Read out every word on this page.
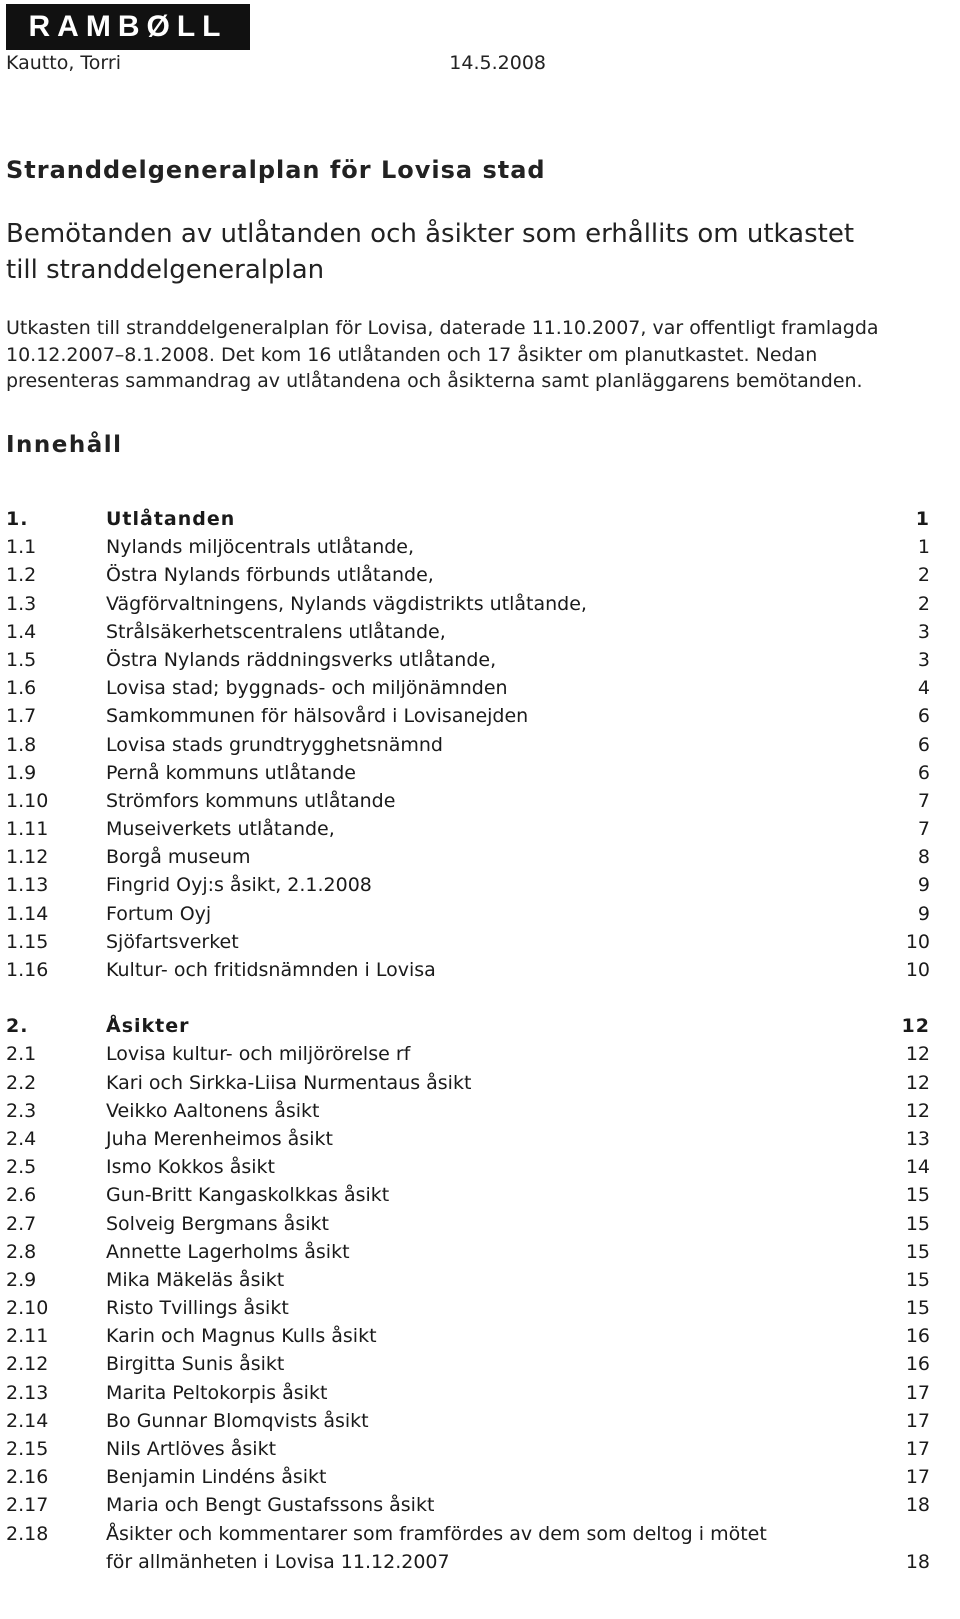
RAMBØLL
Kautto, Torri	14.5.2008
Stranddelgeneralplan för Lovisa stad
Bemötanden av utlåtanden och åsikter som erhållits om utkastet till stranddelgeneralplan

Utkasten till stranddelgeneralplan för Lovisa, daterade 11.10.2007, var offentligt framlagda 10.12.2007–8.1.2008. Det kom 16 utlåtanden och 17 åsikter om planutkastet. Nedan presenteras sammandrag av utlåtandena och åsikterna samt planläggarens bemötanden.

Innehåll
1.	Utlåtanden	1
1.1	Nylands miljöcentrals utlåtande,	1
1.2	Östra Nylands förbunds utlåtande,	2
1.3	Vägförvaltningens, Nylands vägdistrikts utlåtande,	2
1.4	Strålsäkerhetscentralens utlåtande,	3
1.5	Östra Nylands räddningsverks utlåtande,	3
1.6	Lovisa stad; byggnads- och miljönämnden	4
1.7	Samkommunen för hälsovård i Lovisanejden	6
1.8	Lovisa stads grundtrygghetsnämnd	6
1.9	Pernå kommuns utlåtande	6
1.10	Strömfors kommuns utlåtande	7
1.11	Museiverkets utlåtande,	7
1.12	Borgå museum	8
1.13	Fingrid Oyj:s åsikt, 2.1.2008	9
1.14	Fortum Oyj	9
1.15	Sjöfartsverket	10
1.16	Kultur- och fritidsnämnden i Lovisa	10
2.	Åsikter	12
2.1	Lovisa kultur- och miljörörelse rf	12
2.2	Kari och Sirkka-Liisa Nurmentaus åsikt	12
2.3	Veikko Aaltonens åsikt	12
2.4	Juha Merenheimos åsikt	13
2.5	Ismo Kokkos åsikt	14
2.6	Gun-Britt Kangaskolkkas åsikt	15
2.7	Solveig Bergmans åsikt	15
2.8	Annette Lagerholms åsikt	15
2.9	Mika Mäkeläs åsikt	15
2.10	Risto Tvillings åsikt	15
2.11	Karin och Magnus Kulls åsikt	16
2.12	Birgitta Sunis åsikt	16
2.13	Marita Peltokorpis åsikt	17
2.14	Bo Gunnar Blomqvists åsikt	17
2.15	Nils Artlöves åsikt	17
2.16	Benjamin Lindéns åsikt	17
2.17	Maria och Bengt Gustafssons åsikt	18
2.18	Åsikter och kommentarer som framfördes av dem som deltog i mötet för allmänheten i Lovisa 11.12.2007	18
